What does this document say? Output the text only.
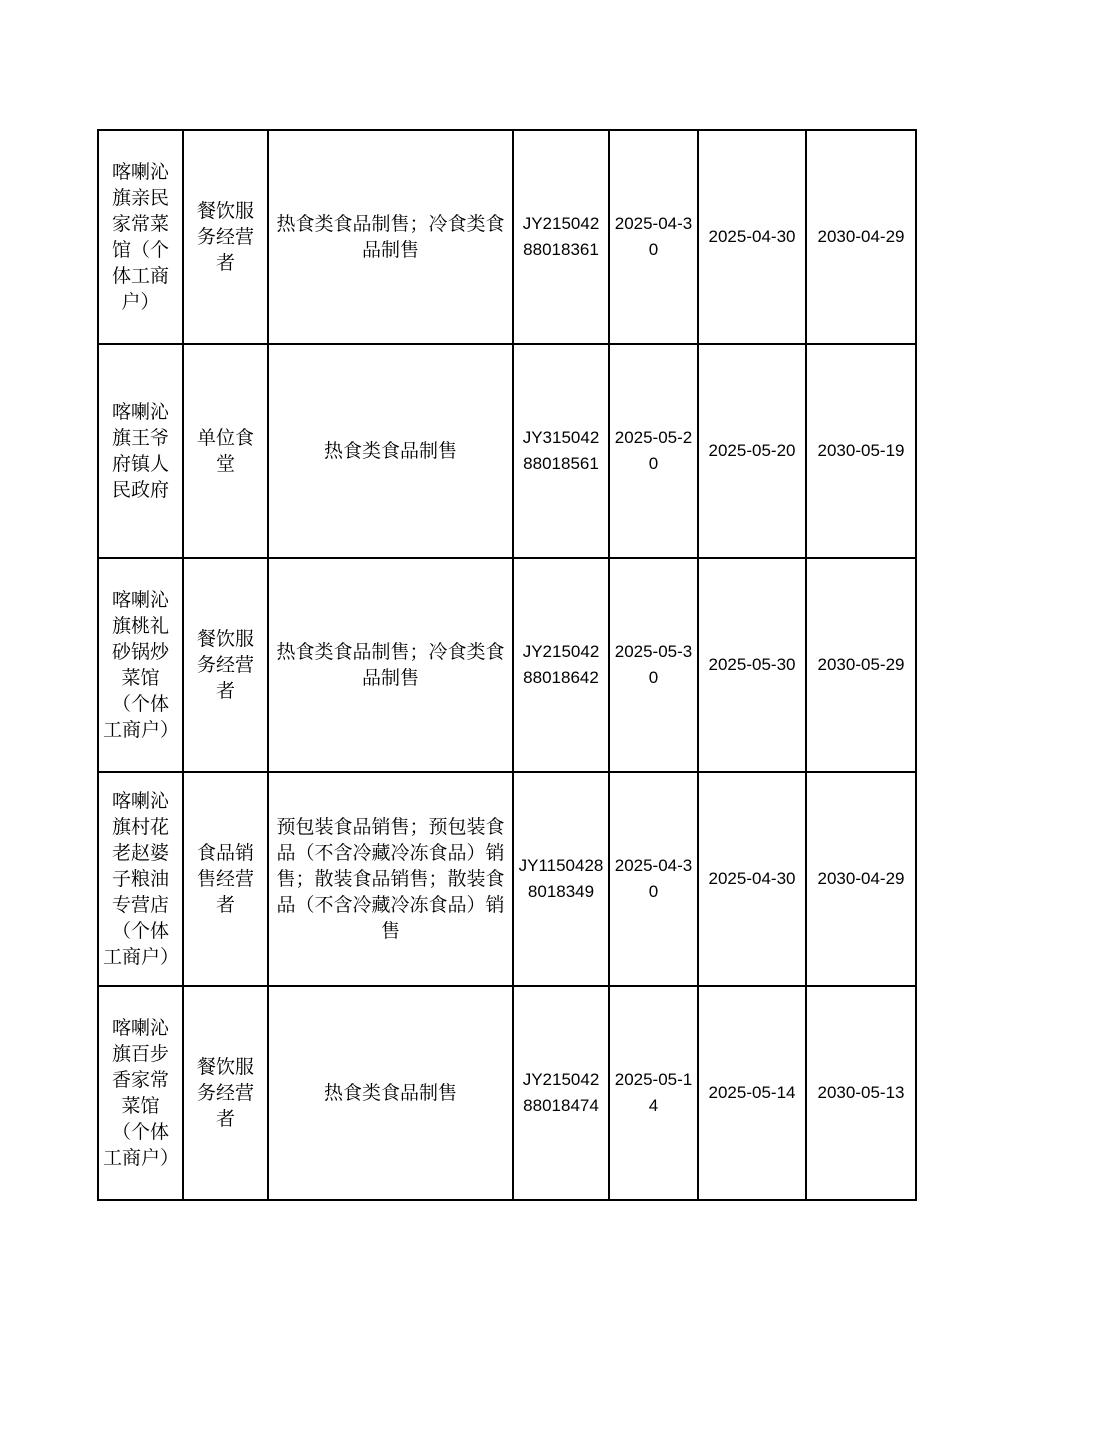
喀喇沁旗亲民家常菜馆（个体工商户）	餐饮服务经营者	热食类食品制售；冷食类食品制售	JY21504288018361	2025-04-30	2025-04-30	2030-04-29
喀喇沁旗王爷府镇人民政府	单位食堂	热食类食品制售	JY31504288018561	2025-05-20	2025-05-20	2030-05-19
喀喇沁旗桃礼砂锅炒菜馆（个体工商户）	餐饮服务经营者	热食类食品制售；冷食类食品制售	JY21504288018642	2025-05-30	2025-05-30	2030-05-29
喀喇沁旗村花老赵婆子粮油专营店（个体工商户）	食品销售经营者	预包装食品销售；预包装食品（不含冷藏冷冻食品）销售；散装食品销售；散装食品（不含冷藏冷冻食品）销售	JY11504288018349	2025-04-30	2025-04-30	2030-04-29
喀喇沁旗百步香家常菜馆（个体工商户）	餐饮服务经营者	热食类食品制售	JY21504288018474	2025-05-14	2025-05-14	2030-05-13
